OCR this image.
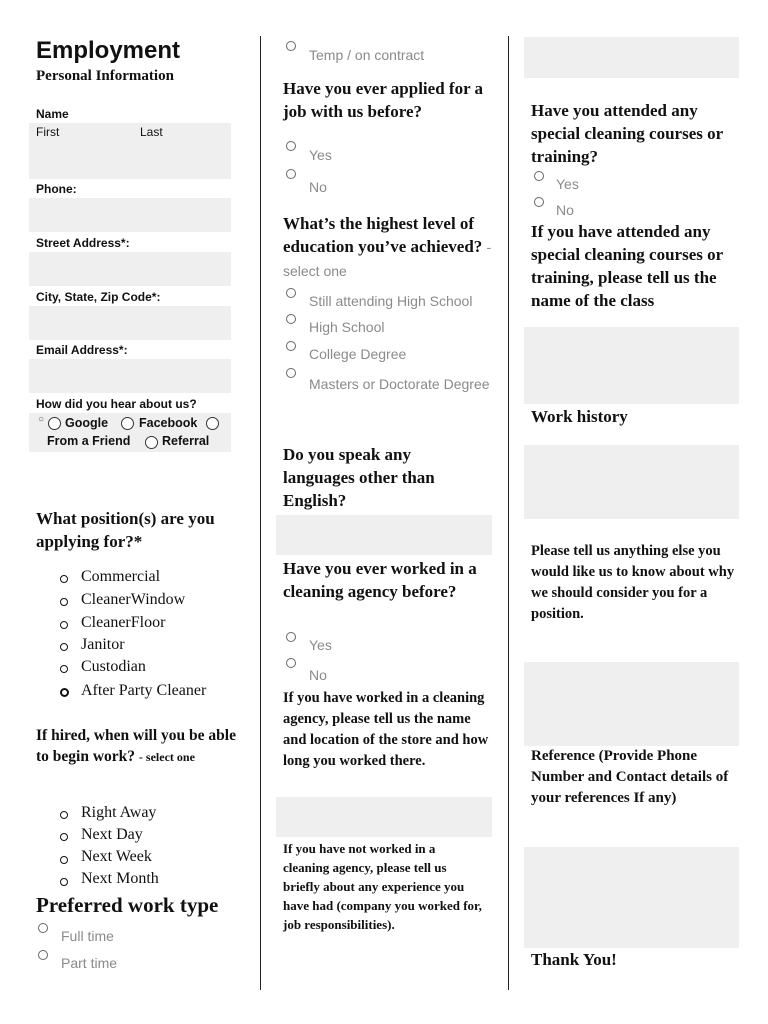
Employment
Personal Information
Name
First	Last
Phone:
Street Address*:
City, State, Zip Code*:
Email Address*:
How did you hear about us?
○ Google Facebook
From a Friend	Referral
What position(s) are you applying for?*
Commercial
CleanerWindow
CleanerFloor
Janitor
Custodian
After Party Cleaner
If hired, when will you be able to begin work? - select one
Right Away
Next Day
Next Week
Next Month
Preferred work type
Full time
Part time
Temp / on contract
Have you ever applied for a job with us before?
Yes
No
What’s the highest level of education you’ve achieved? - select one
Still attending High School
High School
College Degree
Masters or Doctorate Degree
Do you speak any languages other than English?
Have you ever worked in a cleaning agency before?
Yes
No
If you have worked in a cleaning agency, please tell us the name and location of the store and how long you worked there.
If you have not worked in a cleaning agency, please tell us briefly about any experience you have had (company you worked for, job responsibilities).
Have you attended any special cleaning courses or training?
Yes
No
If you have attended any special cleaning courses or training, please tell us the name of the class
Work history
Please tell us anything else you would like us to know about why we should consider you for a position.
Reference (Provide Phone Number and Contact details of your references If any)
Thank You!
